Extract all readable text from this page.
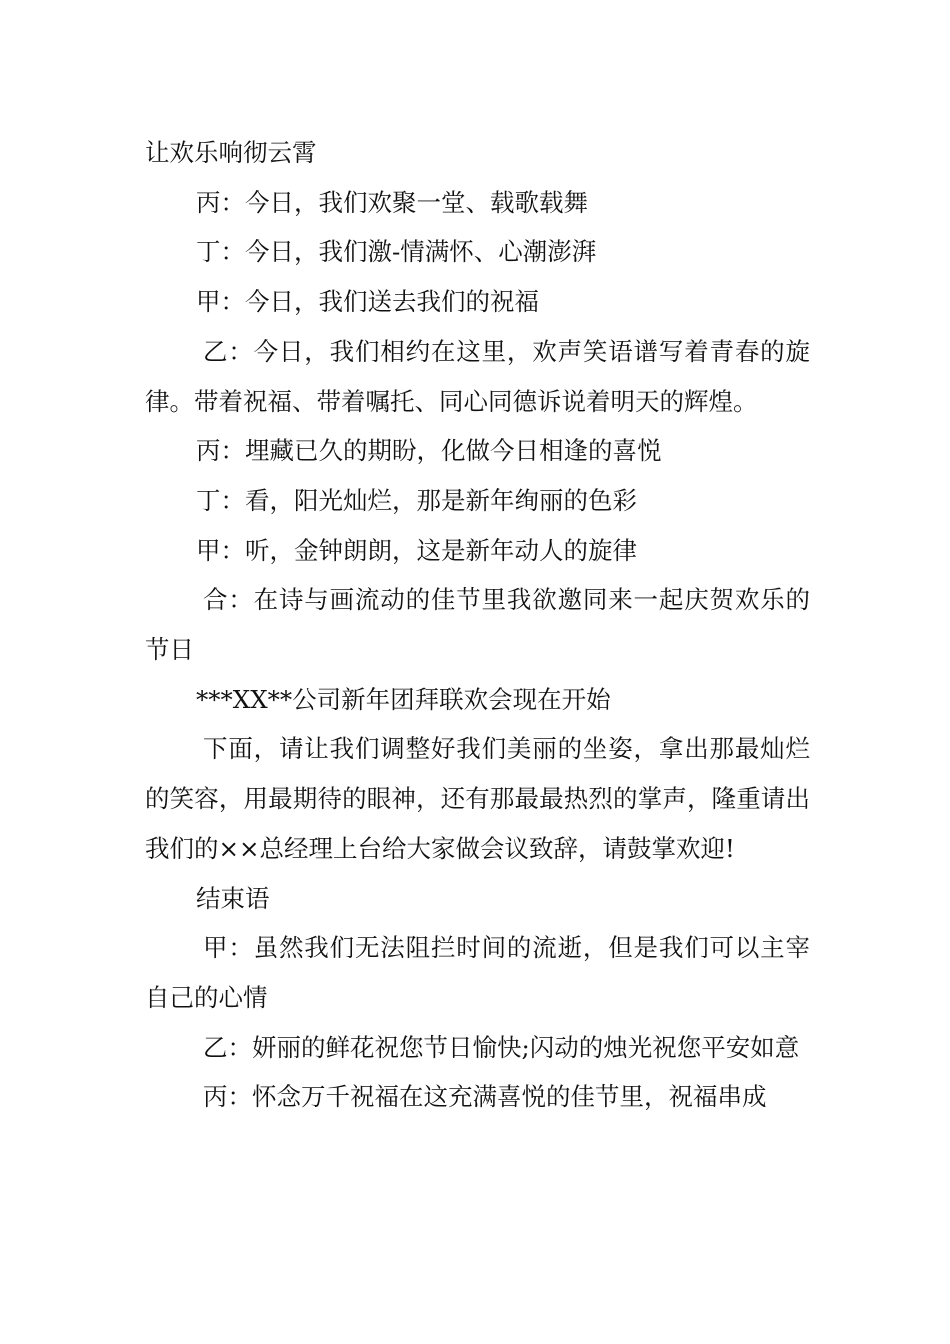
让欢乐响彻云霄

丙：今日，我们欢聚一堂、载歌载舞

丁：今日，我们激-情满怀、心潮澎湃

甲：今日，我们送去我们的祝福

乙：今日，我们相约在这里，欢声笑语谱写着青春的旋律。带着祝福、带着嘱托、同心同德诉说着明天的辉煌。

丙：埋藏已久的期盼，化做今日相逢的喜悦

丁：看，阳光灿烂，那是新年绚丽的色彩

甲：听，金钟朗朗，这是新年动人的旋律

合：在诗与画流动的佳节里我欲邀同来一起庆贺欢乐的节日

***XX**公司新年团拜联欢会现在开始

下面，请让我们调整好我们美丽的坐姿，拿出那最灿烂的笑容，用最期待的眼神，还有那最最热烈的掌声，隆重请出我们的××总经理上台给大家做会议致辞，请鼓掌欢迎!

结束语

甲：虽然我们无法阻拦时间的流逝，但是我们可以主宰自己的心情

乙：妍丽的鲜花祝您节日愉快;闪动的烛光祝您平安如意

丙：怀念万千祝福在这充满喜悦的佳节里，祝福串成
